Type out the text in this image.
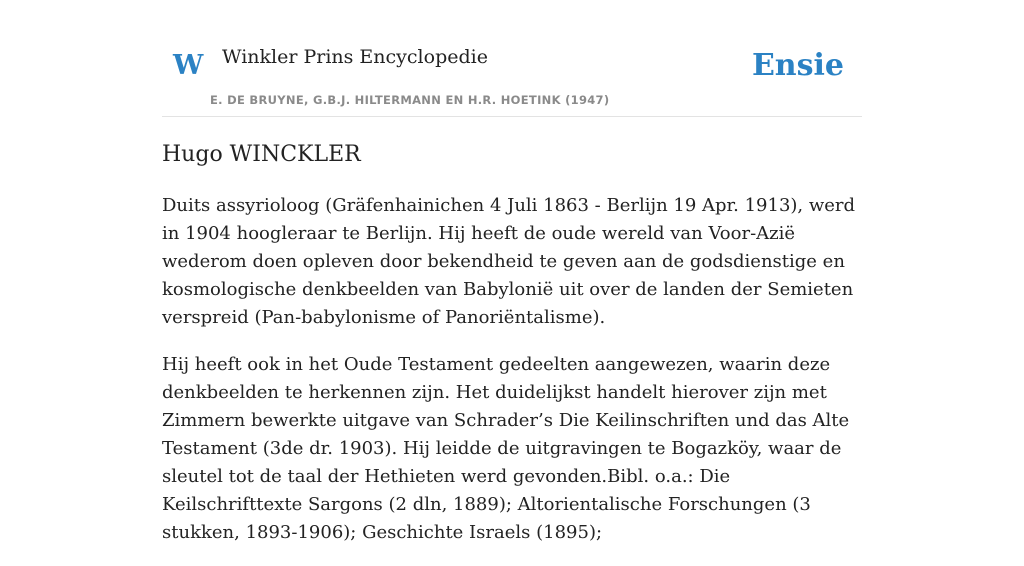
W Winkler Prins Encyclopedie
E. DE BRUYNE, G.B.J. HILTERMANN EN H.R. HOETINK (1947)
Ensie
Hugo WINCKLER

Duits assyrioloog (Gräfenhainichen 4 Juli 1863 - Berlijn 19 Apr. 1913), werd in 1904 hoogleraar te Berlijn. Hij heeft de oude wereld van Voor-Azië wederom doen opleven door bekendheid te geven aan de godsdienstige en kosmologische denkbeelden van Babylonië uit over de landen der Semieten verspreid (Pan-babylonisme of Panoriëntalisme).

Hij heeft ook in het Oude Testament gedeelten aangewezen, waarin deze denkbeelden te herkennen zijn. Het duidelijkst handelt hierover zijn met Zimmern bewerkte uitgave van Schrader’s Die Keilinschriften und das Alte Testament (3de dr. 1903). Hij leidde de uitgravingen te Bogazköy, waar de sleutel tot de taal der Hethieten werd gevonden.Bibl. o.a.: Die Keilschrifttexte Sargons (2 dln, 1889); Altorientalische Forschungen (3 stukken, 1893-1906); Geschichte Israels (1895);
